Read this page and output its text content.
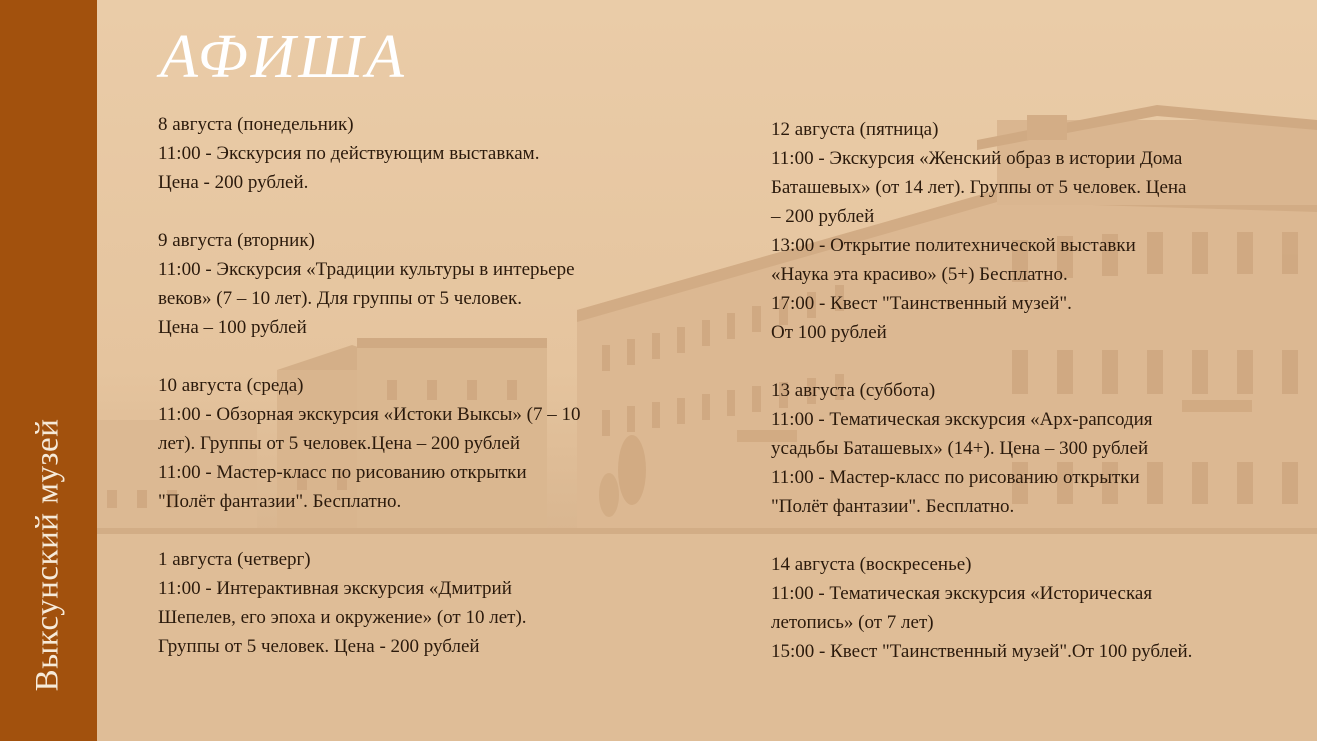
Выксунский музей
АФИША

8 августа (понедельник)

11:00 - Экскурсия по действующим выставкам.

Цена - 200 рублей.

9 августа (вторник)

11:00 - Экскурсия «Традиции культуры в интерьере

веков» (7 – 10 лет). Для группы от 5 человек.

Цена – 100 рублей

10 августа (среда)

11:00 - Обзорная экскурсия «Истоки Выксы» (7 – 10

лет). Группы от 5 человек.Цена – 200 рублей

11:00 - Мастер-класс по рисованию открытки

"Полёт фантазии". Бесплатно.

1 августа (четверг)

11:00 - Интерактивная экскурсия «Дмитрий

Шепелев, его эпоха и окружение» (от 10 лет).

Группы от 5 человек. Цена - 200 рублей

12 августа (пятница)

11:00 - Экскурсия «Женский образ в истории Дома

Баташевых» (от 14 лет). Группы от 5 человек. Цена

– 200 рублей

13:00 - Открытие политехнической выставки

«Наука эта красиво» (5+) Бесплатно.

17:00 - Квест "Таинственный музей".

От 100 рублей

13 августа (суббота)

11:00 - Тематическая экскурсия «Арх-рапсодия

усадьбы Баташевых» (14+). Цена – 300 рублей

11:00 - Мастер-класс по рисованию открытки

"Полёт фантазии". Бесплатно.

14 августа (воскресенье)

11:00 - Тематическая экскурсия «Историческая

летопись» (от 7 лет)

15:00 - Квест "Таинственный музей".От 100 рублей.
